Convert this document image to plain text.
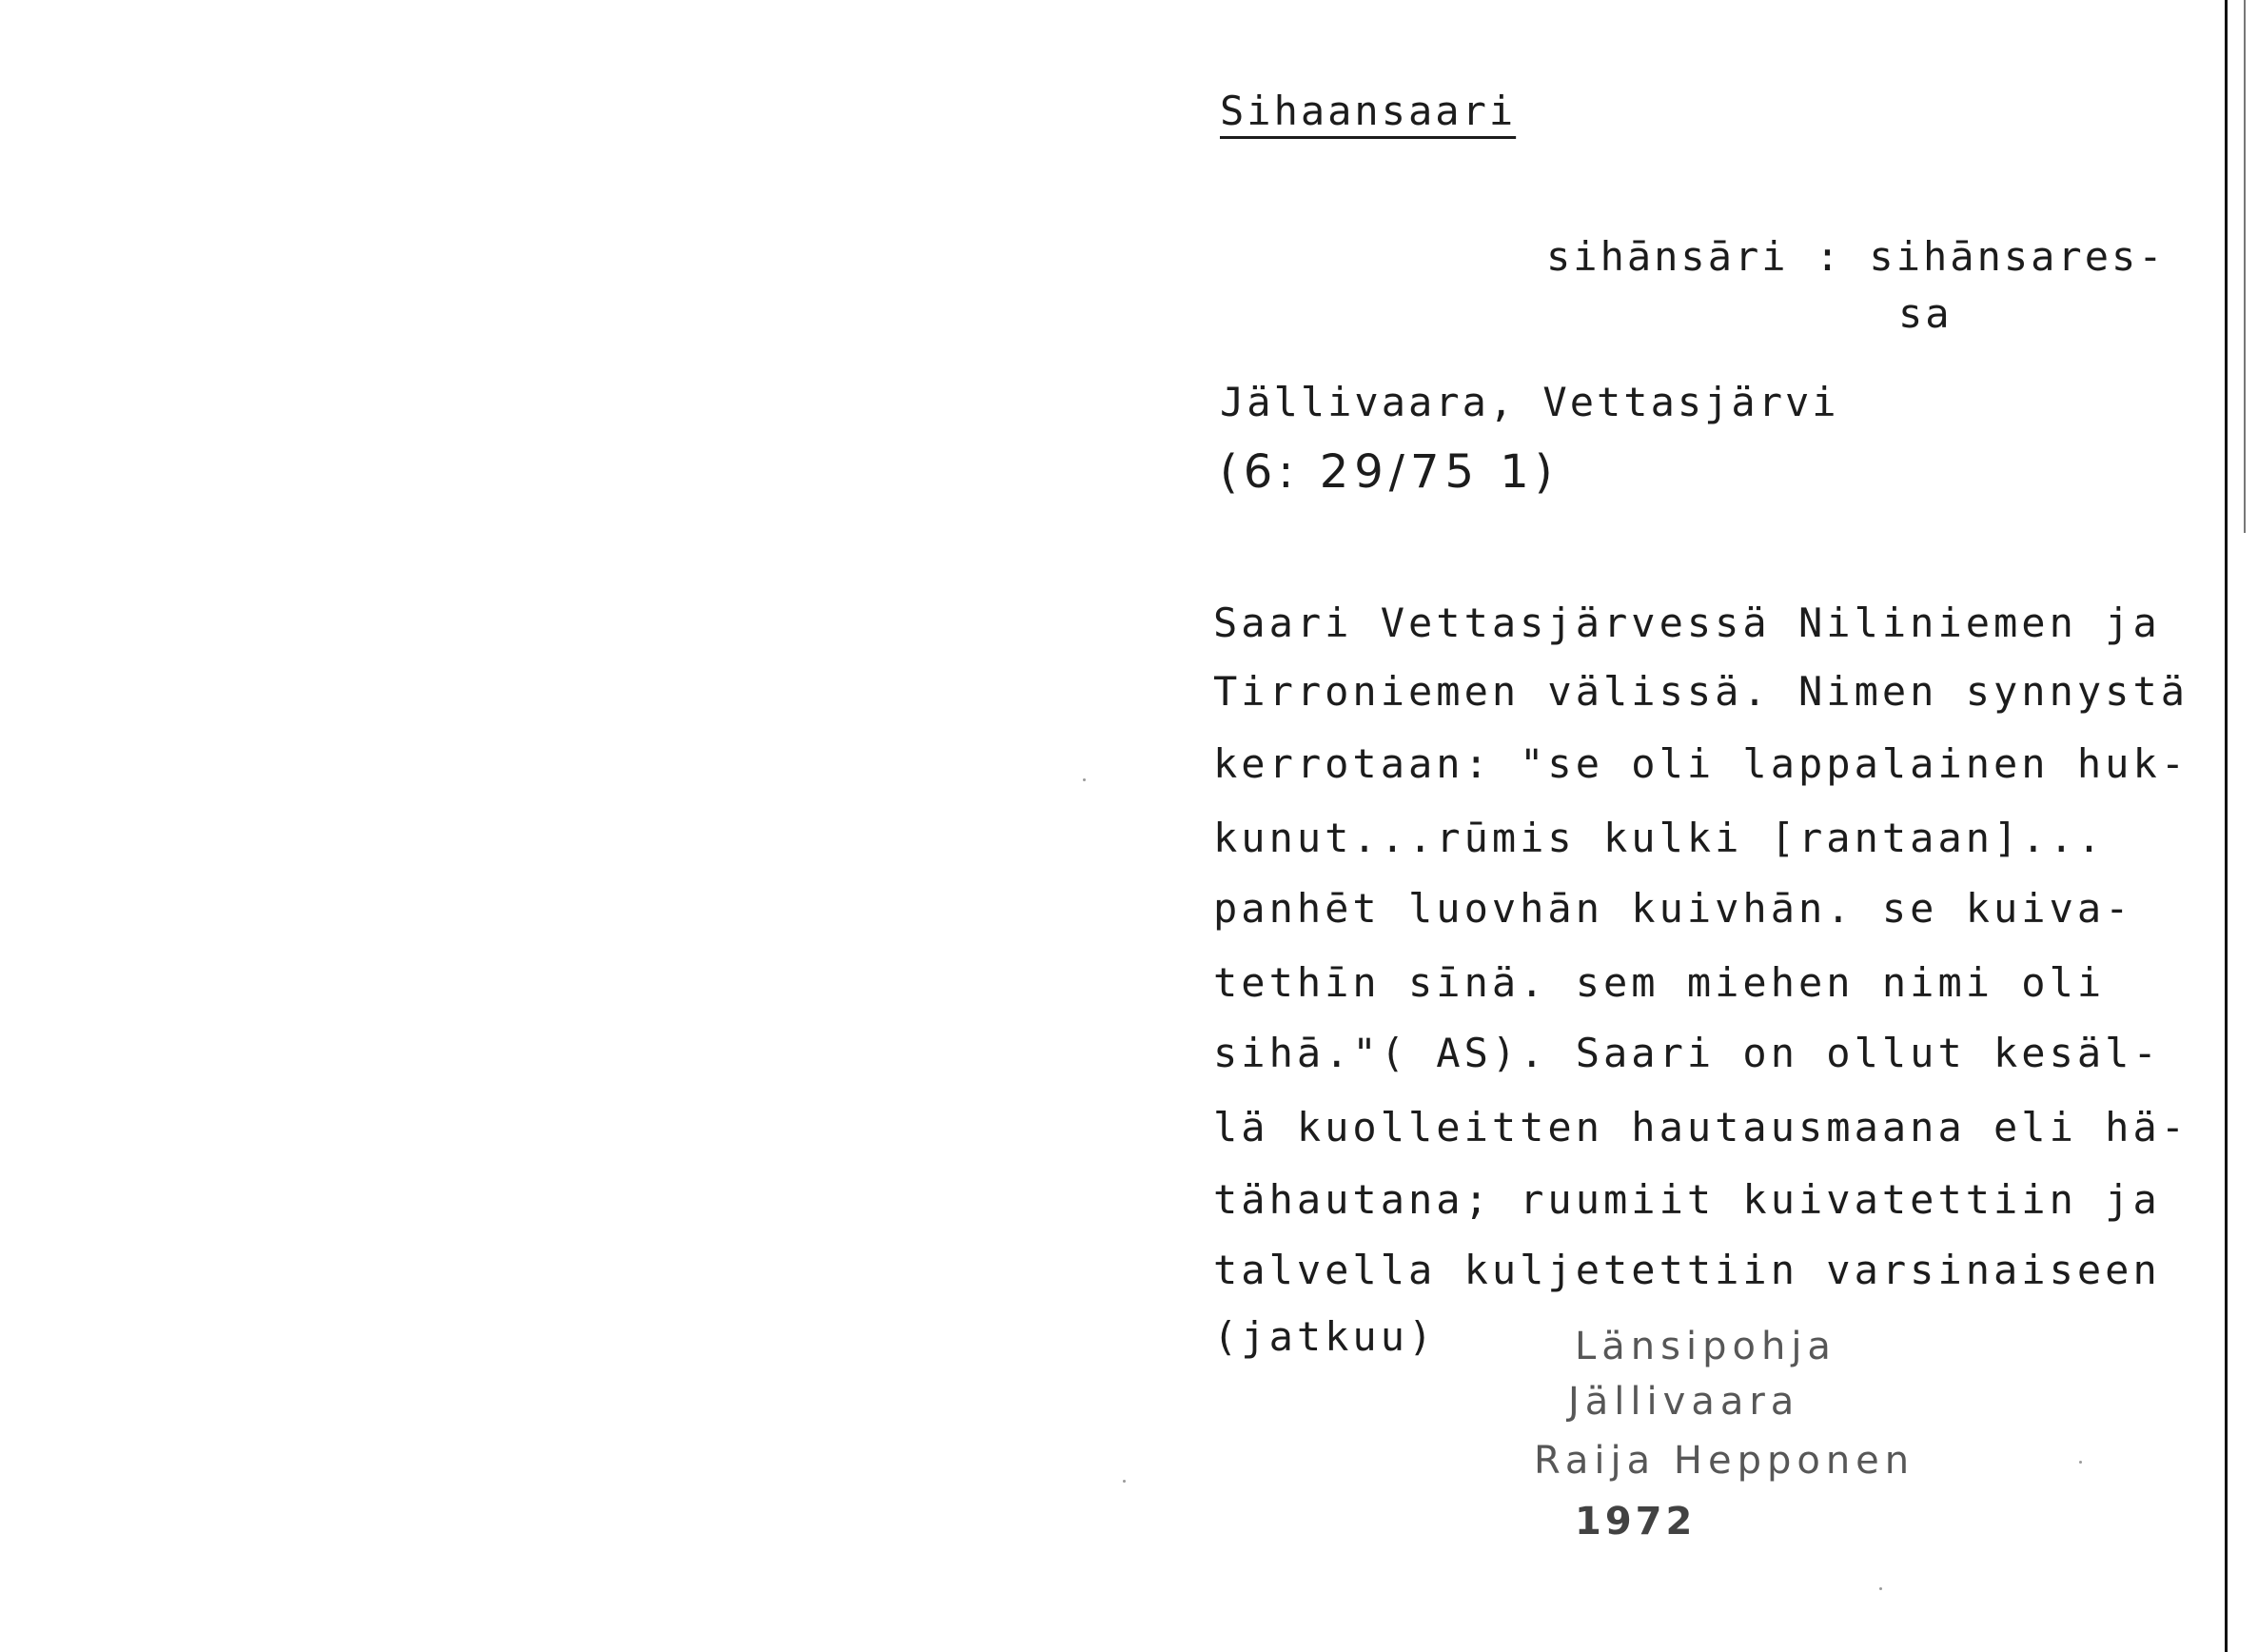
Sihaansaari
sihānsāri : sihānsares-
sa
Jällivaara, Vettasjärvi
(6: 29/75 1)
Saari Vettasjärvessä Niliniemen ja
Tirroniemen välissä. Nimen synnystä
kerrotaan: "se oli lappalainen huk-
kunut...rūmis kulki [rantaan]...
panhēt luovhān kuivhān. se kuiva-
tethīn sīnä. sem miehen nimi oli
sihā."( AS). Saari on ollut kesäl-
lä kuolleitten hautausmaana eli hä-
tähautana; ruumiit kuivatettiin ja
talvella kuljetettiin varsinaiseen
(jatkuu)	Länsipohja
Jällivaara
Raija Hepponen
1972
